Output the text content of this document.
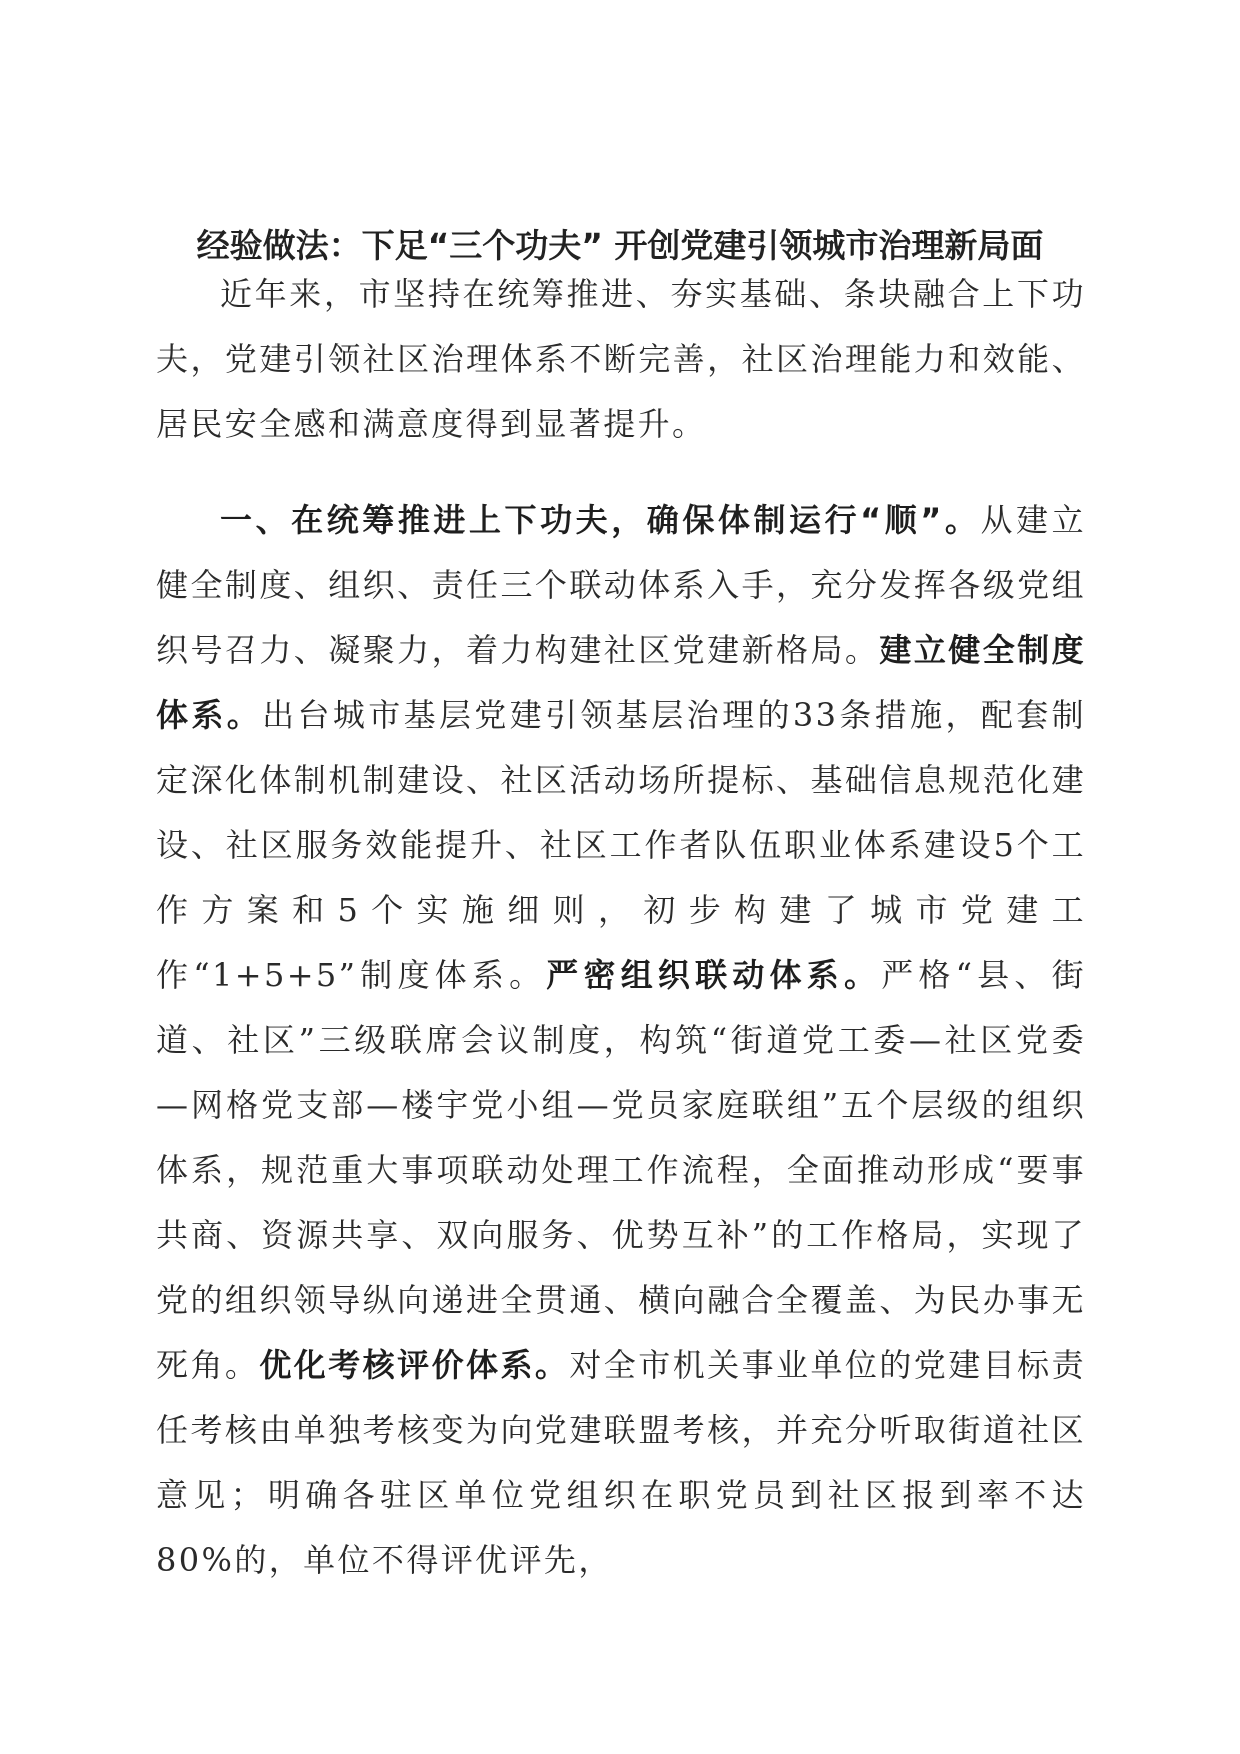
经验做法：下足“三个功夫” 开创党建引领城市治理新局面
近年来，市坚持在统筹推进、夯实基础、条块融合上下功夫，党建引领社区治理体系不断完善，社区治理能力和效能、居民安全感和满意度得到显著提升。
一、在统筹推进上下功夫，确保体制运行“顺”。从建立健全制度、组织、责任三个联动体系入手，充分发挥各级党组织号召力、凝聚力，着力构建社区党建新格局。建立健全制度体系。出台城市基层党建引领基层治理的33条措施，配套制定深化体制机制建设、社区活动场所提标、基础信息规范化建设、社区服务效能提升、社区工作者队伍职业体系建设5个工作方案和5个实施细则，初步构建了城市党建工作“1+5+5”制度体系。严密组织联动体系。严格“县、街道、社区”三级联席会议制度，构筑“街道党工委—社区党委—网格党支部—楼宇党小组—党员家庭联组”五个层级的组织体系，规范重大事项联动处理工作流程，全面推动形成“要事共商、资源共享、双向服务、优势互补”的工作格局，实现了党的组织领导纵向递进全贯通、横向融合全覆盖、为民办事无死角。优化考核评价体系。对全市机关事业单位的党建目标责任考核由单独考核变为向党建联盟考核，并充分听取街道社区意见；明确各驻区单位党组织在职党员到社区报到率不达80%的，单位不得评优评先，
